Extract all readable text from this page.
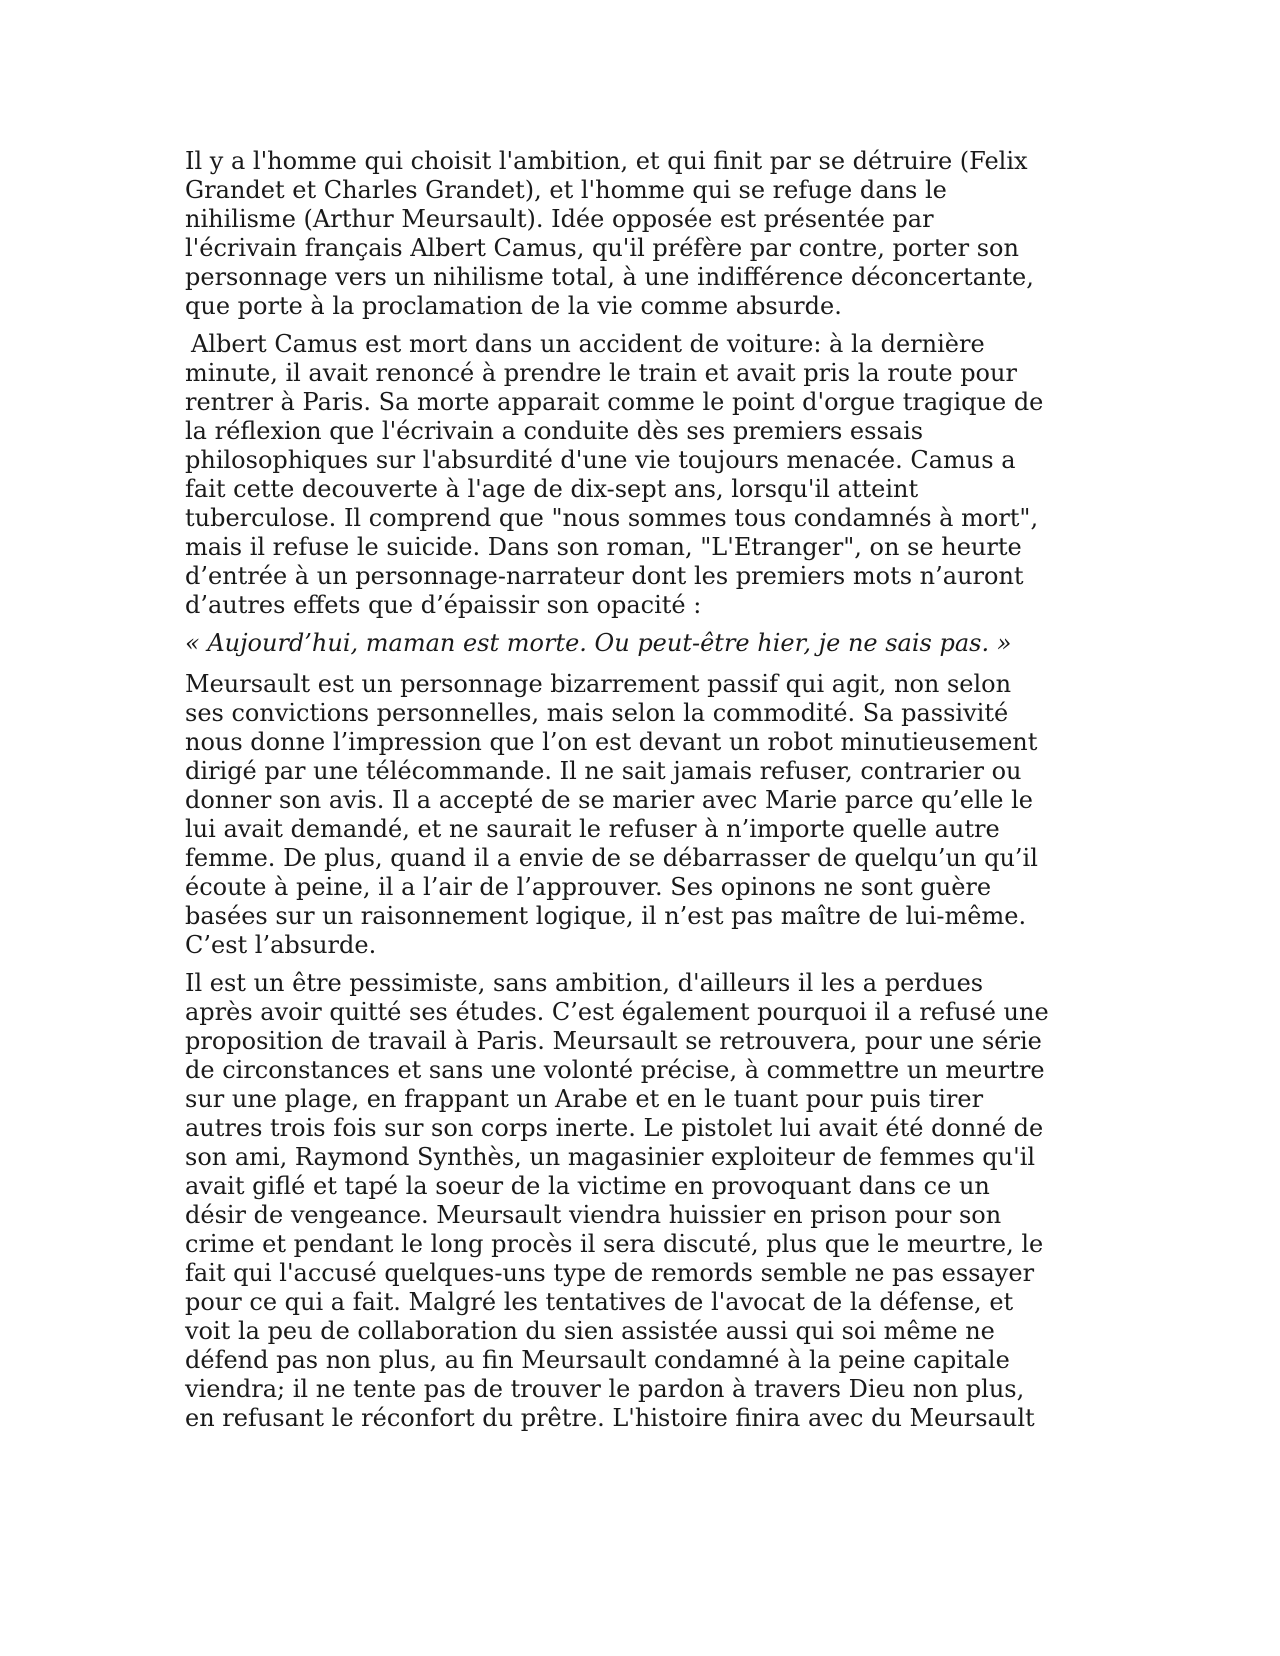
Il y a l'homme qui choisit l'ambition, et qui finit par se détruire (Felix
Grandet et Charles Grandet), et l'homme qui se refuge dans le
nihilisme (Arthur Meursault). Idée opposée est présentée par
l'écrivain français Albert Camus, qu'il préfère par contre, porter son
personnage vers un nihilisme total, à une indifférence déconcertante,
que porte à la proclamation de la vie comme absurde.

Albert Camus est mort dans un accident de voiture: à la dernière
minute, il avait renoncé à prendre le train et avait pris la route pour
rentrer à Paris. Sa morte apparait comme le point d'orgue tragique de
la réflexion que l'écrivain a conduite dès ses premiers essais
philosophiques sur l'absurdité d'une vie toujours menacée. Camus a
fait cette decouverte à l'age de dix-sept ans, lorsqu'il atteint
tuberculose. Il comprend que "nous sommes tous condamnés à mort",
mais il refuse le suicide. Dans son roman, "L'Etranger", on se heurte
d’entrée à un personnage-narrateur dont les premiers mots n’auront
d’autres effets que d’épaissir son opacité :

« Aujourd’hui, maman est morte. Ou peut-être hier, je ne sais pas. »

Meursault est un personnage bizarrement passif qui agit, non selon
ses convictions personnelles, mais selon la commodité. Sa passivité
nous donne l’impression que l’on est devant un robot minutieusement
dirigé par une télécommande. Il ne sait jamais refuser, contrarier ou
donner son avis. Il a accepté de se marier avec Marie parce qu’elle le
lui avait demandé, et ne saurait le refuser à n’importe quelle autre
femme. De plus, quand il a envie de se débarrasser de quelqu’un qu’il
écoute à peine, il a l’air de l’approuver. Ses opinons ne sont guère
basées sur un raisonnement logique, il n’est pas maître de lui-même.
C’est l’absurde.

Il est un être pessimiste, sans ambition, d'ailleurs il les a perdues
après avoir quitté ses études. C’est également pourquoi il a refusé une
proposition de travail à Paris. Meursault se retrouvera, pour une série
de circonstances et sans une volonté précise, à commettre un meurtre
sur une plage, en frappant un Arabe et en le tuant pour puis tirer
autres trois fois sur son corps inerte. Le pistolet lui avait été donné de
son ami, Raymond Synthès, un magasinier exploiteur de femmes qu'il
avait giflé et tapé la soeur de la victime en provoquant dans ce un
désir de vengeance. Meursault viendra huissier en prison pour son
crime et pendant le long procès il sera discuté, plus que le meurtre, le
fait qui l'accusé quelques-uns type de remords semble ne pas essayer
pour ce qui a fait. Malgré les tentatives de l'avocat de la défense, et
voit la peu de collaboration du sien assistée aussi qui soi même ne
défend pas non plus, au fin Meursault condamné à la peine capitale
viendra; il ne tente pas de trouver le pardon à travers Dieu non plus,
en refusant le réconfort du prêtre. L'histoire finira avec du Meursault
